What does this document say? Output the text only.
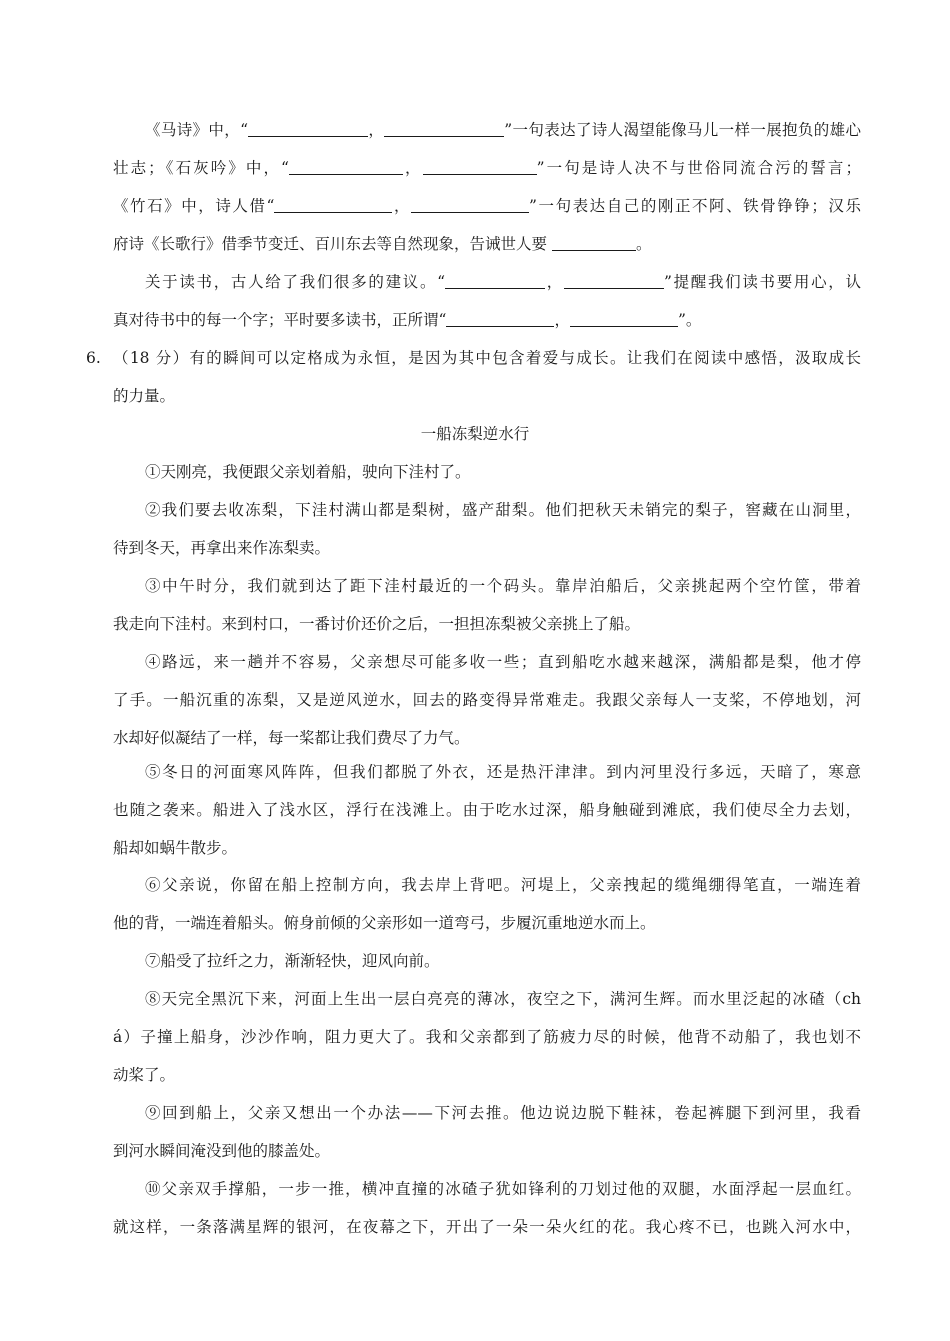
《马诗》中，“	，	”一句表达了诗人渴望能像马儿一样一展抱负的雄心
壮志；《石灰吟》中，“	，	”一句是诗人决不与世俗同流合污的誓言；
《竹石》中，诗人借“	，	”一句表达自己的刚正不阿、铁骨铮铮；汉乐
府诗《长歌行》借季节变迁、百川东去等自然现象，告诫世人要	。
关于读书，古人给了我们很多的建议。“	，	”提醒我们读书要用心，认
真对待书中的每一个字；平时要多读书，正所谓“	，	”。
6. （18 分）有的瞬间可以定格成为永恒，是因为其中包含着爱与成长。让我们在阅读中感悟，汲取成长
的力量。
一船冻梨逆水行
①天刚亮，我便跟父亲划着船，驶向下洼村了。
②我们要去收冻梨，下洼村满山都是梨树，盛产甜梨。他们把秋天未销完的梨子，窖藏在山洞里，
待到冬天，再拿出来作冻梨卖。
③中午时分，我们就到达了距下洼村最近的一个码头。靠岸泊船后，父亲挑起两个空竹筐，带着
我走向下洼村。来到村口，一番讨价还价之后，一担担冻梨被父亲挑上了船。
④路远，来一趟并不容易，父亲想尽可能多收一些；直到船吃水越来越深，满船都是梨，他才停
了手。一船沉重的冻梨，又是逆风逆水，回去的路变得异常难走。我跟父亲每人一支桨，不停地划，河
水却好似凝结了一样，每一桨都让我们费尽了力气。
⑤冬日的河面寒风阵阵，但我们都脱了外衣，还是热汗津津。到内河里没行多远，天暗了，寒意
也随之袭来。船进入了浅水区，浮行在浅滩上。由于吃水过深，船身触碰到滩底，我们使尽全力去划，
船却如蜗牛散步。
⑥父亲说，你留在船上控制方向，我去岸上背吧。河堤上，父亲拽起的缆绳绷得笔直，一端连着
他的背，一端连着船头。俯身前倾的父亲形如一道弯弓，步履沉重地逆水而上。
⑦船受了拉纤之力，渐渐轻快，迎风向前。
⑧天完全黑沉下来，河面上生出一层白亮亮的薄冰，夜空之下，满河生辉。而水里泛起的冰碴（ch
á）子撞上船身，沙沙作响，阻力更大了。我和父亲都到了筋疲力尽的时候，他背不动船了，我也划不
动桨了。
⑨回到船上，父亲又想出一个办法——下河去推。他边说边脱下鞋袜，卷起裤腿下到河里，我看
到河水瞬间淹没到他的膝盖处。
⑩父亲双手撑船，一步一推，横冲直撞的冰碴子犹如锋利的刀划过他的双腿，水面浮起一层血红。
就这样，一条落满星辉的银河，在夜幕之下，开出了一朵一朵火红的花。我心疼不已，也跳入河水中，
